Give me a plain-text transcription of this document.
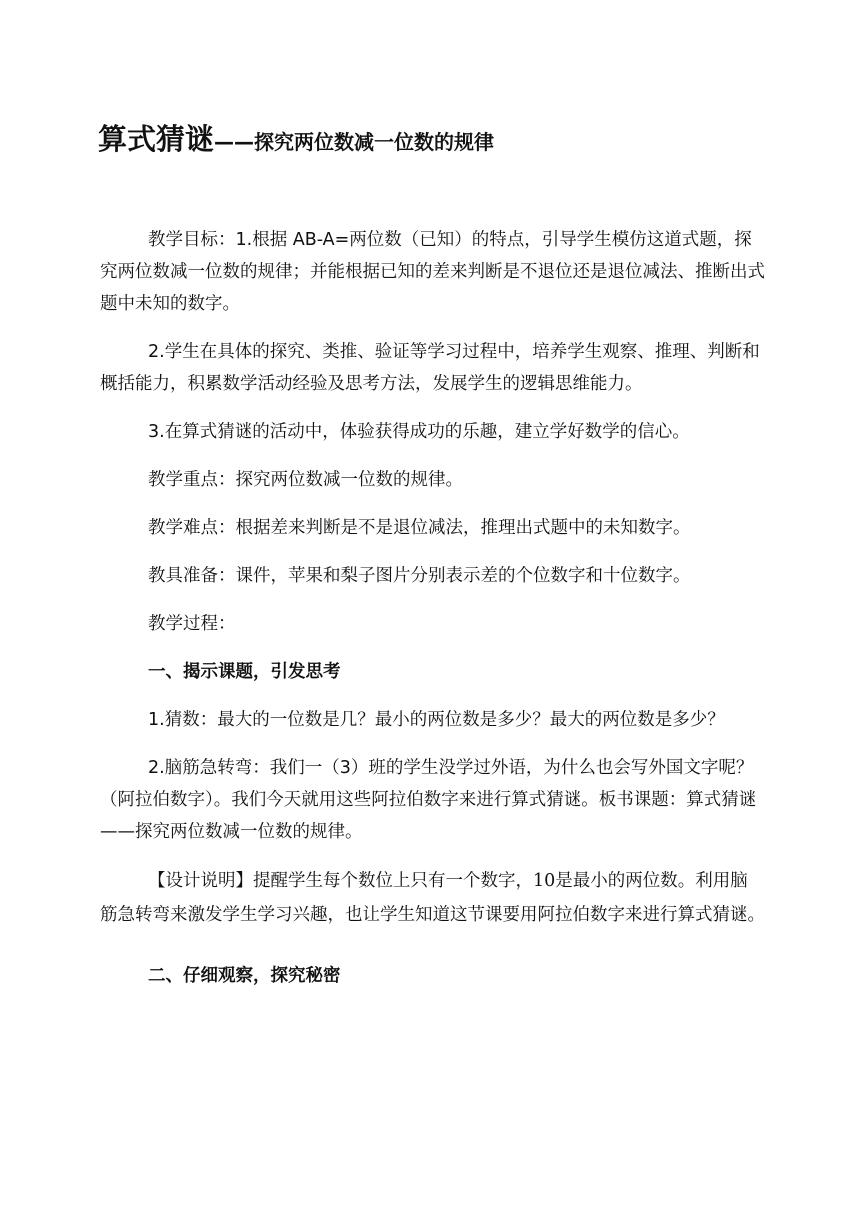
算式猜谜——探究两位数减一位数的规律

教学目标：1.根据 AB-A=两位数（已知）的特点，引导学生模仿这道式题，探究两位数减一位数的规律；并能根据已知的差来判断是不退位还是退位减法、推断出式题中未知的数字。

2.学生在具体的探究、类推、验证等学习过程中，培养学生观察、推理、判断和概括能力，积累数学活动经验及思考方法，发展学生的逻辑思维能力。

3.在算式猜谜的活动中，体验获得成功的乐趣，建立学好数学的信心。

教学重点：探究两位数减一位数的规律。

教学难点：根据差来判断是不是退位减法，推理出式题中的未知数字。

教具准备：课件，苹果和梨子图片分别表示差的个位数字和十位数字。

教学过程：

一、揭示课题，引发思考

1.猜数：最大的一位数是几？最小的两位数是多少？最大的两位数是多少？

2.脑筋急转弯：我们一（3）班的学生没学过外语，为什么也会写外国文字呢？（阿拉伯数字）。我们今天就用这些阿拉伯数字来进行算式猜谜。板书课题：算式猜谜——探究两位数减一位数的规律。

【设计说明】提醒学生每个数位上只有一个数字，10是最小的两位数。利用脑筋急转弯来激发学生学习兴趣，也让学生知道这节课要用阿拉伯数字来进行算式猜谜。

二、仔细观察，探究秘密
